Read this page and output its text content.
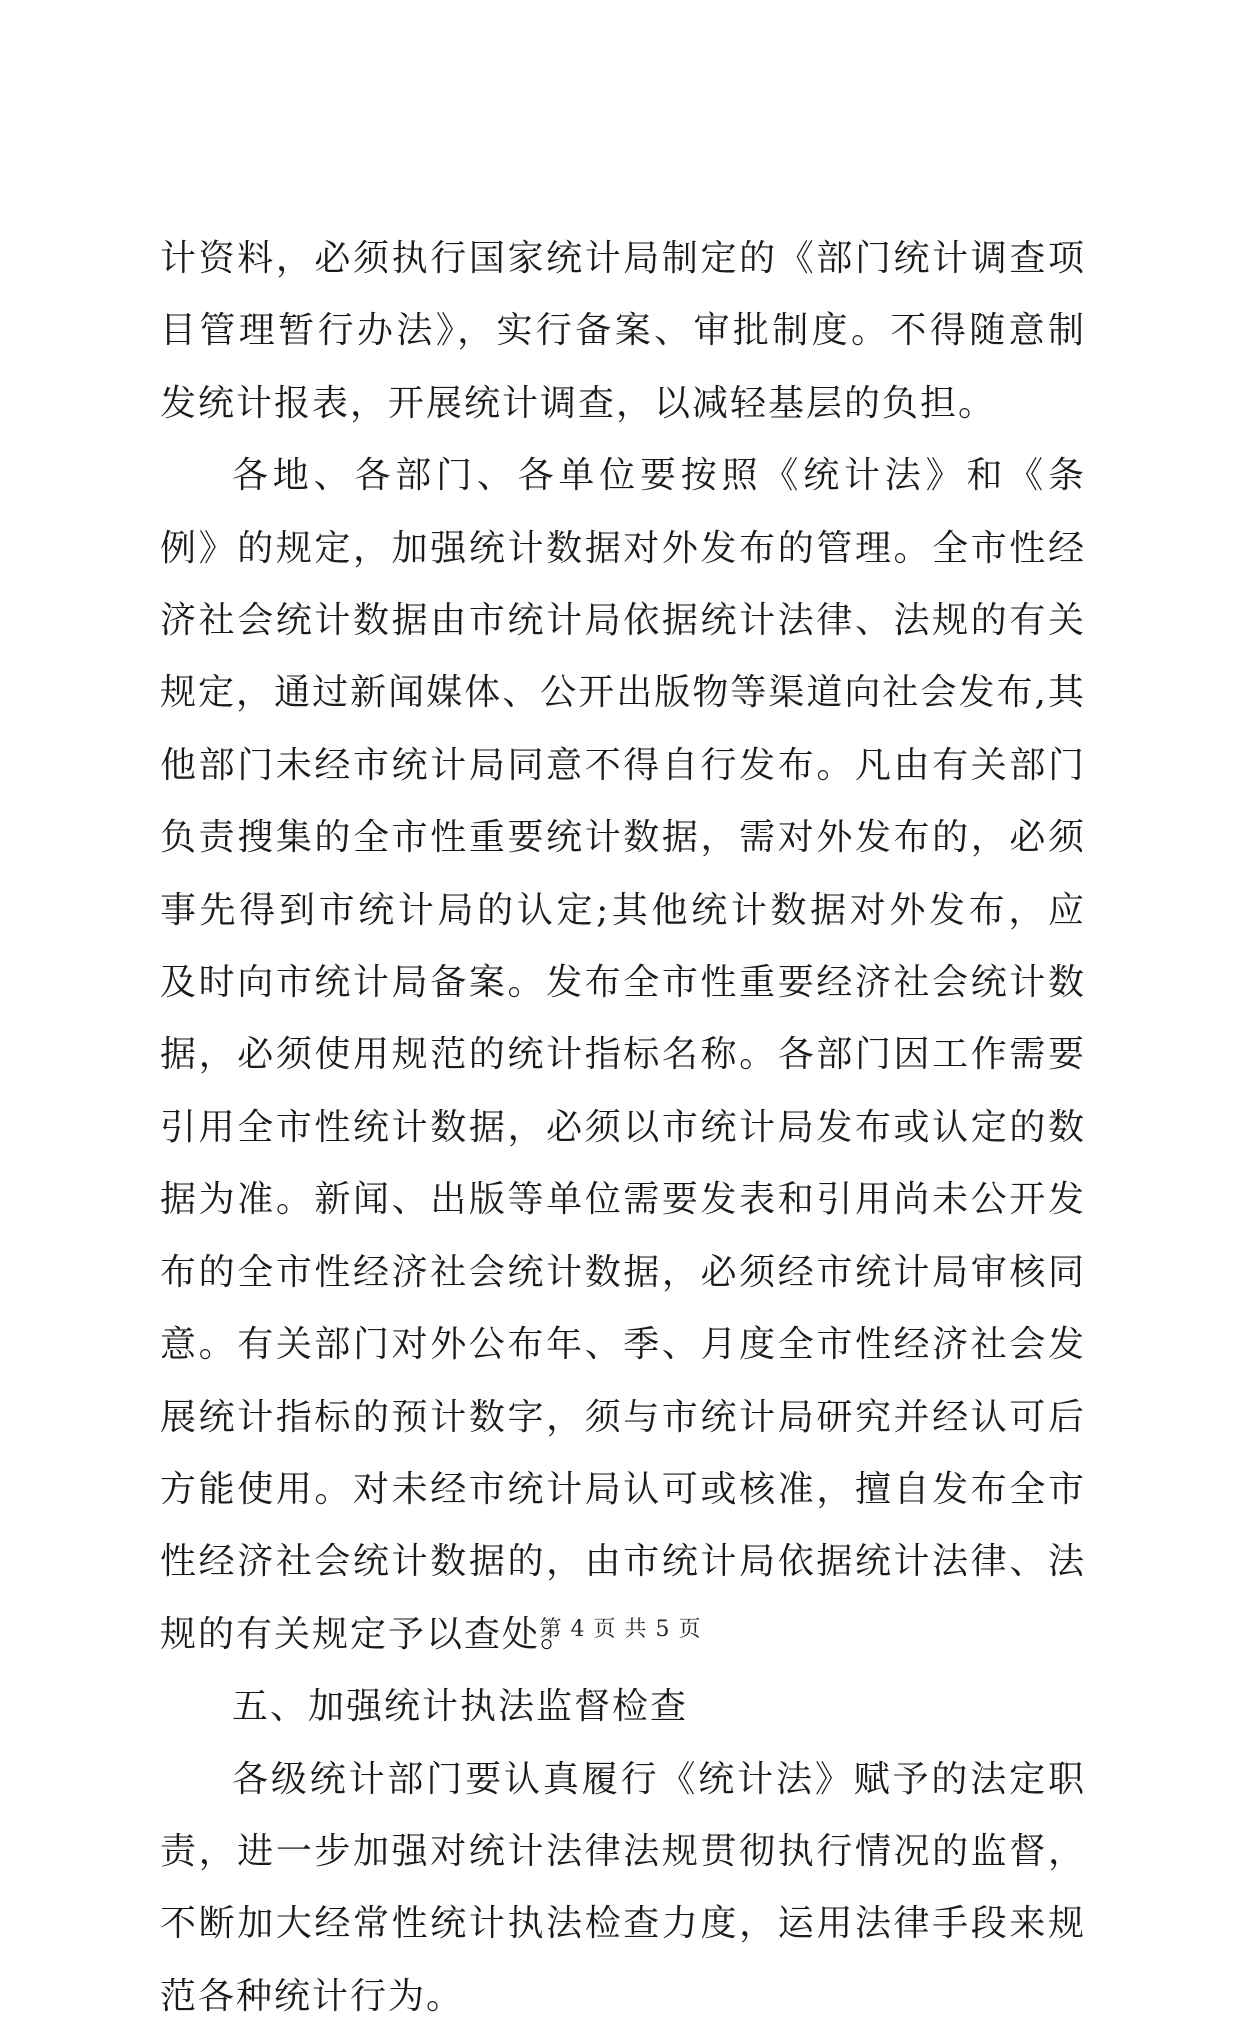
计资料，必须执行国家统计局制定的《部门统计调查项目管理暂行办法》，实行备案、审批制度。不得随意制发统计报表，开展统计调查，以减轻基层的负担。

各地、各部门、各单位要按照《统计法》和《条例》的规定，加强统计数据对外发布的管理。全市性经济社会统计数据由市统计局依据统计法律、法规的有关规定，通过新闻媒体、公开出版物等渠道向社会发布,其他部门未经市统计局同意不得自行发布。凡由有关部门负责搜集的全市性重要统计数据，需对外发布的，必须事先得到市统计局的认定;其他统计数据对外发布，应及时向市统计局备案。发布全市性重要经济社会统计数据，必须使用规范的统计指标名称。各部门因工作需要引用全市性统计数据，必须以市统计局发布或认定的数据为准。新闻、出版等单位需要发表和引用尚未公开发布的全市性经济社会统计数据，必须经市统计局审核同意。有关部门对外公布年、季、月度全市性经济社会发展统计指标的预计数字，须与市统计局研究并经认可后方能使用。对未经市统计局认可或核准，擅自发布全市性经济社会统计数据的，由市统计局依据统计法律、法规的有关规定予以查处。

五、加强统计执法监督检查

各级统计部门要认真履行《统计法》赋予的法定职责，进一步加强对统计法律法规贯彻执行情况的监督，不断加大经常性统计执法检查力度，运用法律手段来规范各种统计行为。

第 4 页 共 5 页
